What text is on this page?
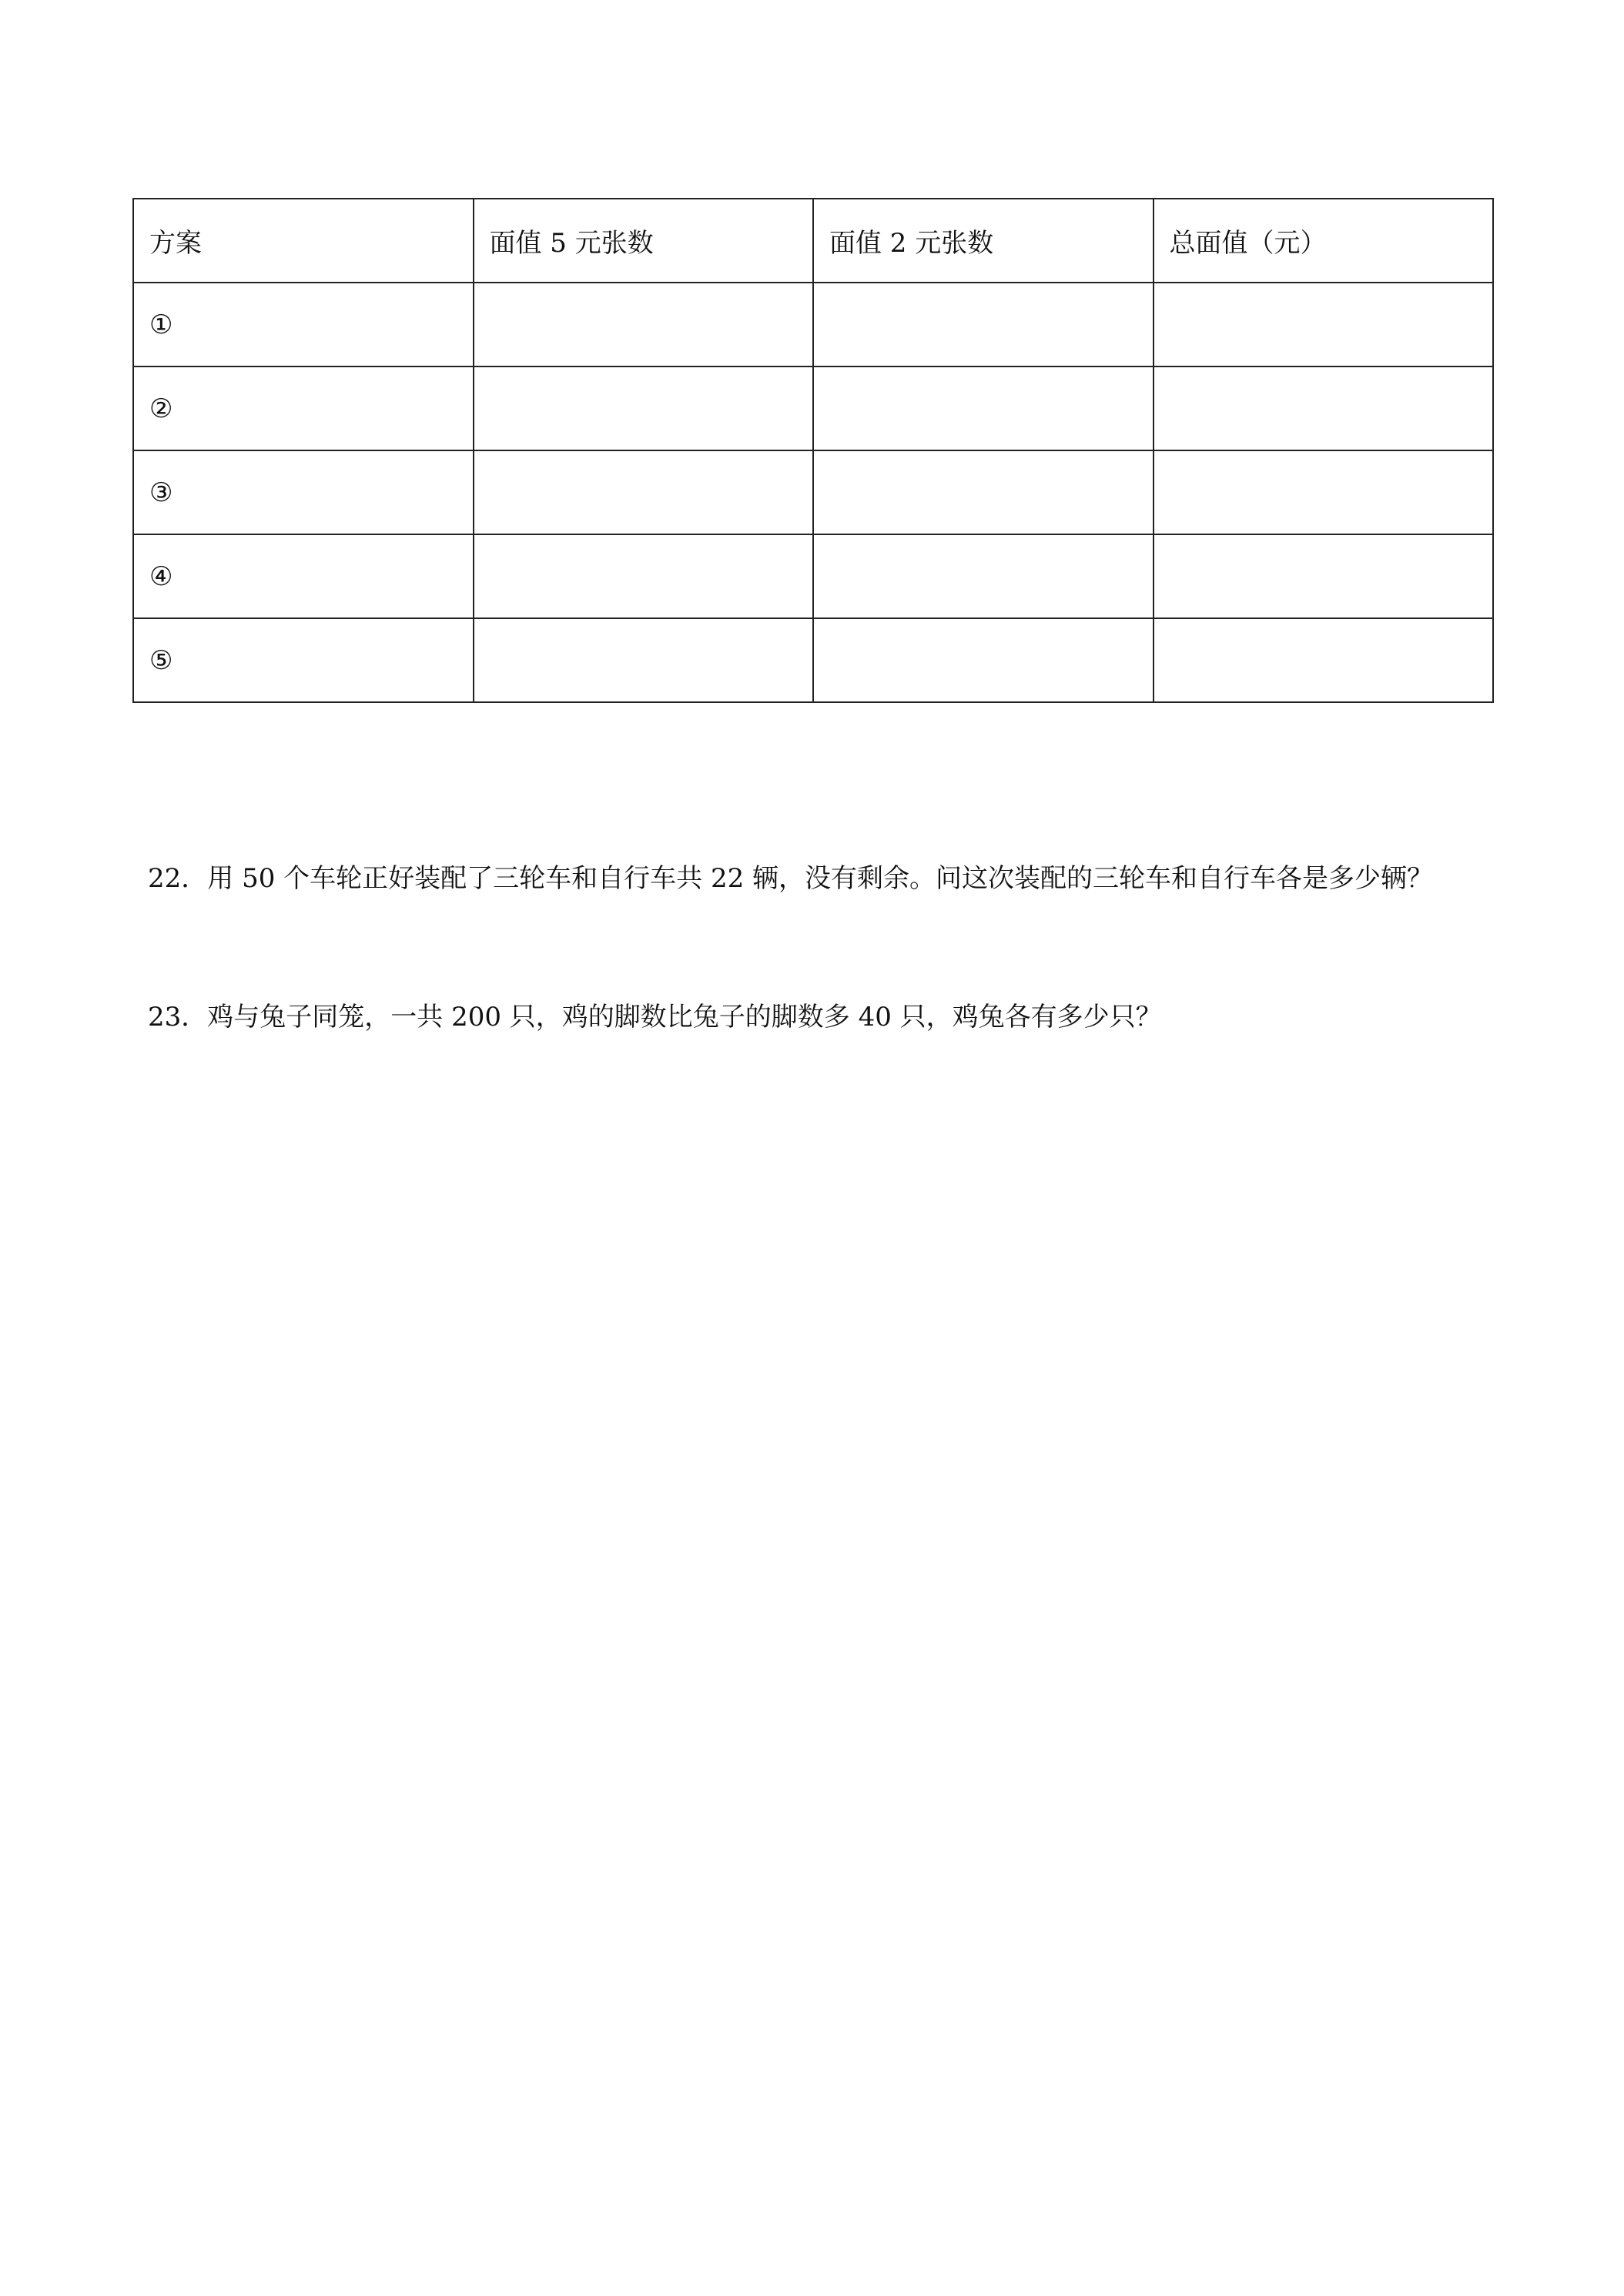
方案	面值 5 元张数	面值 2 元张数	总面值（元）
①			
②			
③			
④			
⑤			

22．用 50 个车轮正好装配了三轮车和自行车共 22 辆，没有剩余。问这次装配的三轮车和自行车各是多少辆？

23．鸡与兔子同笼，一共 200 只，鸡的脚数比兔子的脚数多 40 只，鸡兔各有多少只？
